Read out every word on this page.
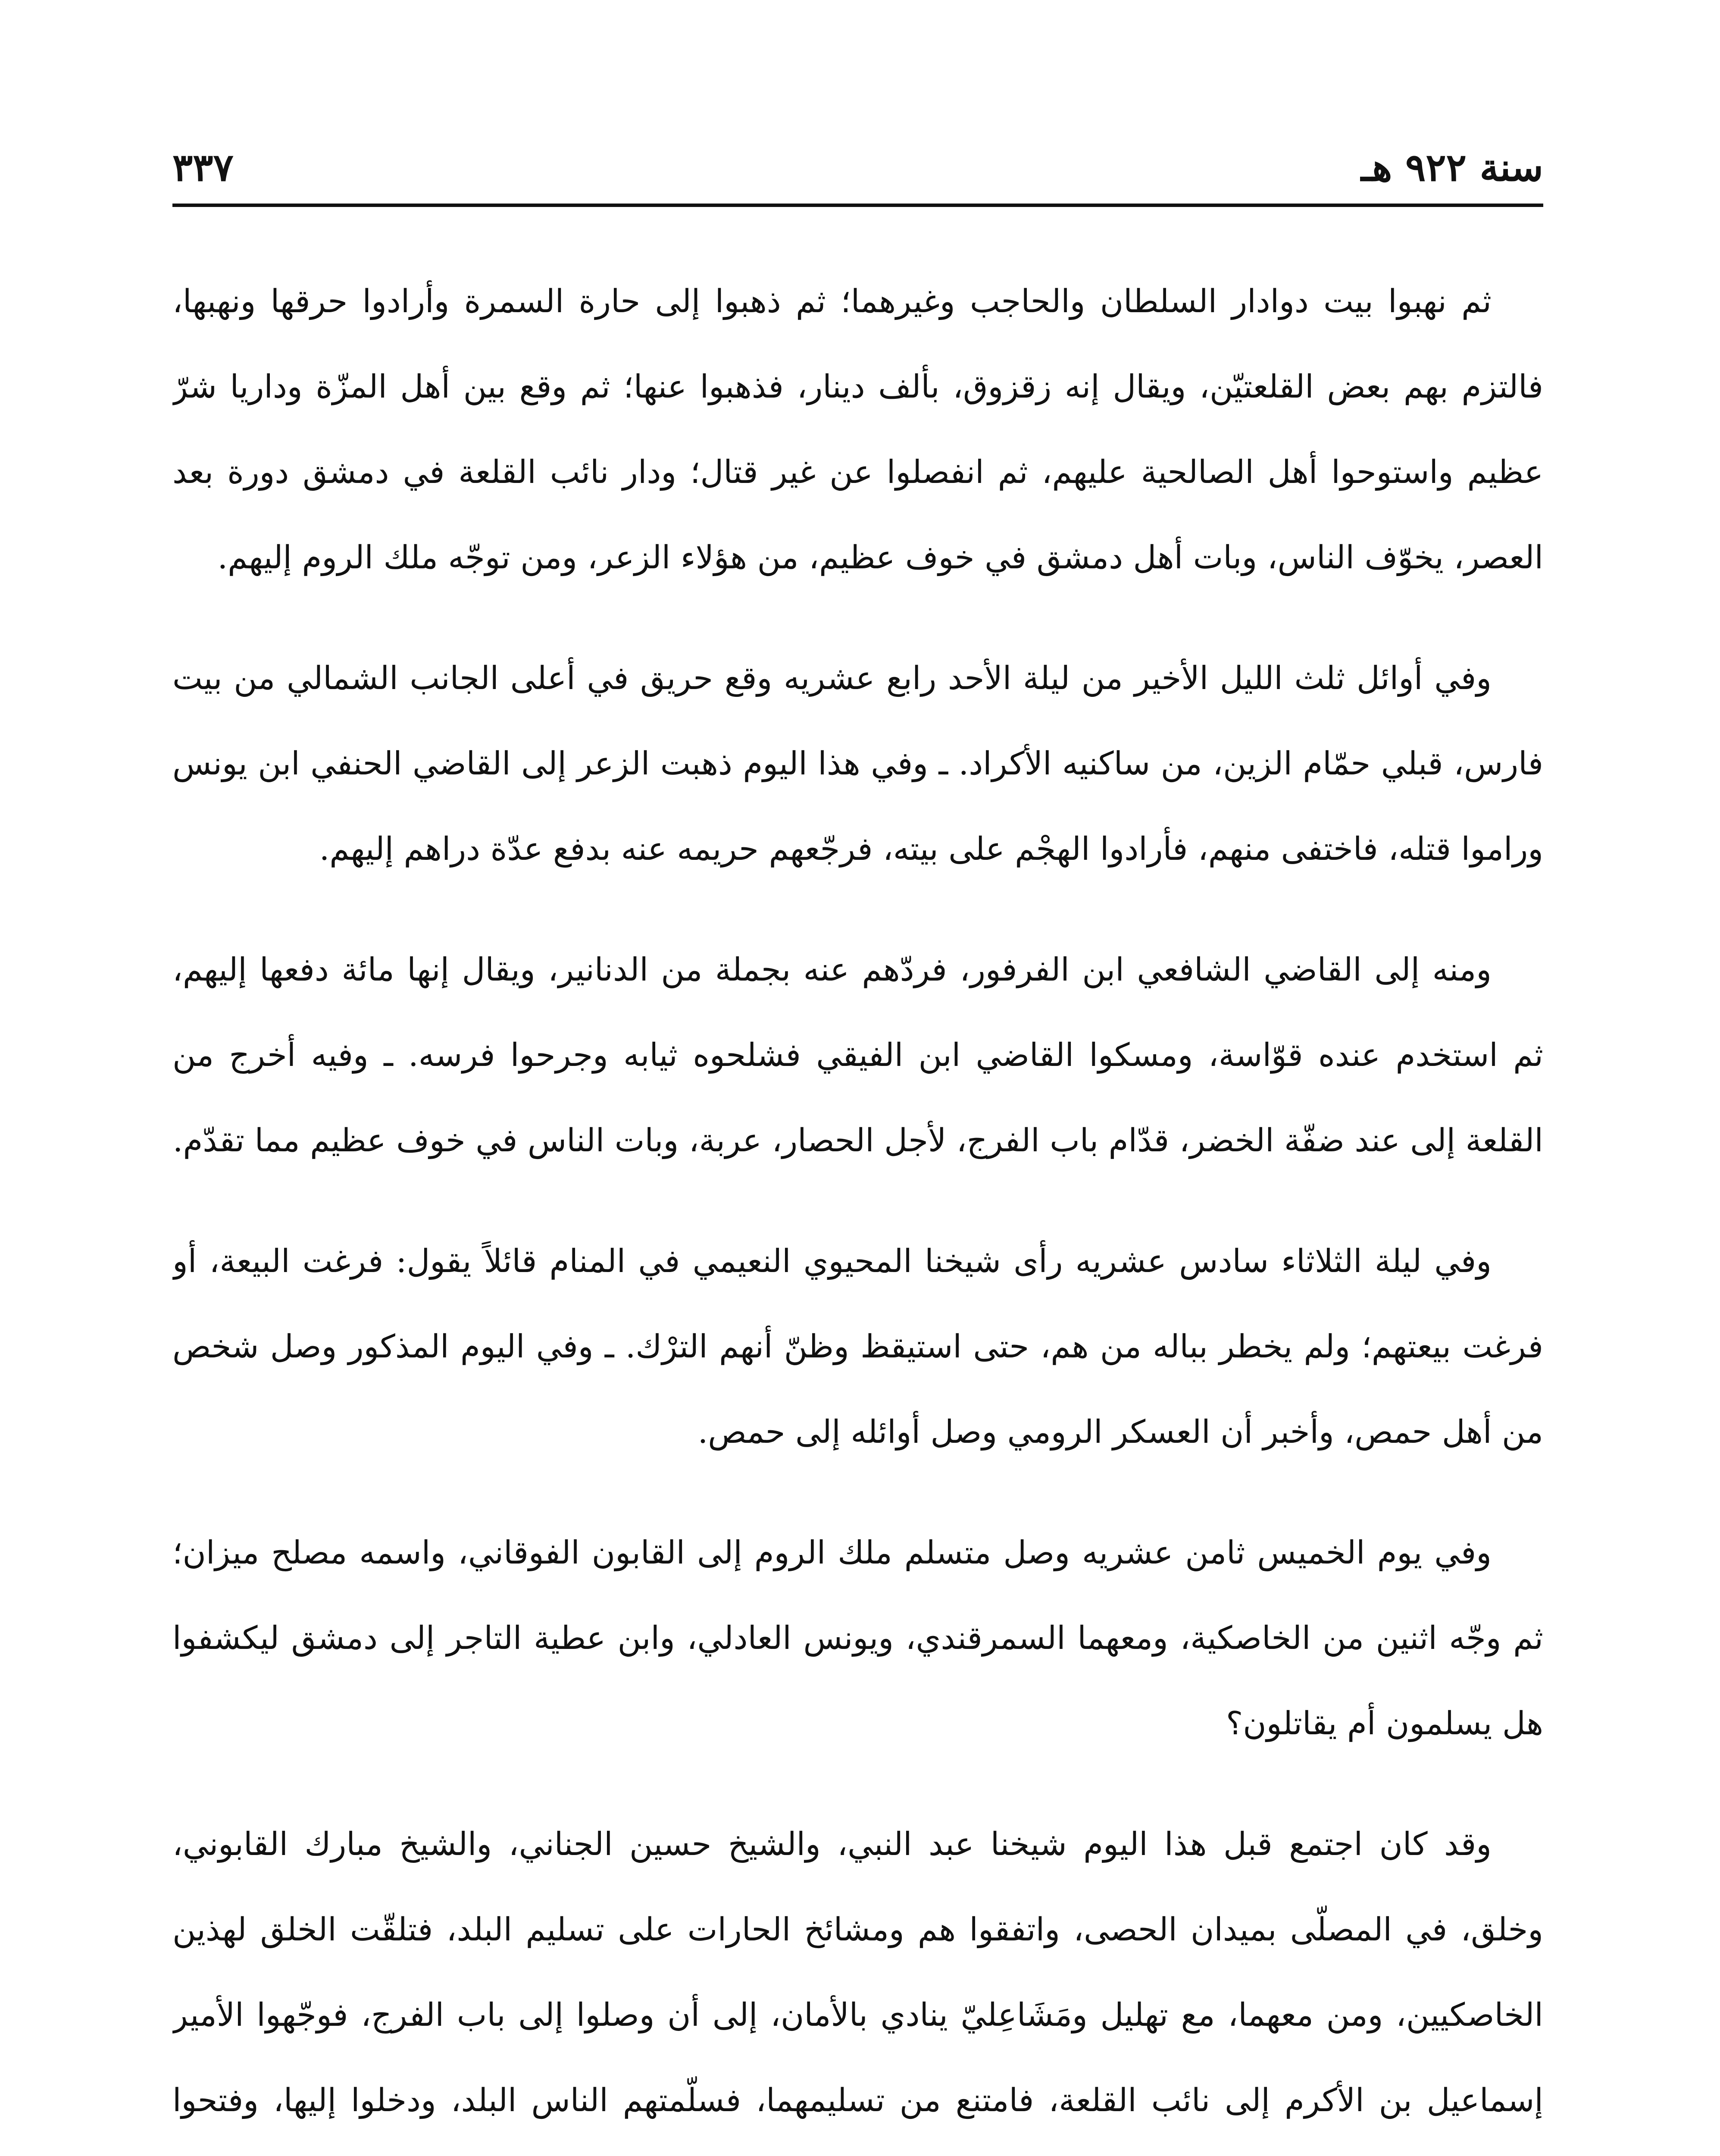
سنة ٩٢٢ هـ
٣٣٧

ثم نهبوا بيت دوادار السلطان والحاجب وغيرهما؛ ثم ذهبوا إلى حارة السمرة وأرادوا حرقها ونهبها، فالتزم بهم بعض القلعتيّن، ويقال إنه زقزوق، بألف دينار، فذهبوا عنها؛ ثم وقع بين أهل المزّة وداريا شرّ عظيم واستوحوا أهل الصالحية عليهم، ثم انفصلوا عن غير قتال؛ ودار نائب القلعة في دمشق دورة بعد العصر، يخوّف الناس، وبات أهل دمشق في خوف عظيم، من هؤلاء الزعر، ومن توجّه ملك الروم إليهم.

وفي أوائل ثلث الليل الأخير من ليلة الأحد رابع عشريه وقع حريق في أعلى الجانب الشمالي من بيت فارس، قبلي حمّام الزين، من ساكنيه الأكراد. ـ وفي هذا اليوم ذهبت الزعر إلى القاضي الحنفي ابن يونس وراموا قتله، فاختفى منهم، فأرادوا الهجْم على بيته، فرجّعهم حريمه عنه بدفع عدّة دراهم إليهم.

ومنه إلى القاضي الشافعي ابن الفرفور، فردّهم عنه بجملة من الدنانير، ويقال إنها مائة دفعها إليهم، ثم استخدم عنده قوّاسة، ومسكوا القاضي ابن الفيقي فشلحوه ثيابه وجرحوا فرسه. ـ وفيه أخرج من القلعة إلى عند ضفّة الخضر، قدّام باب الفرج، لأجل الحصار، عربة، وبات الناس في خوف عظيم مما تقدّم.

وفي ليلة الثلاثاء سادس عشريه رأى شيخنا المحيوي النعيمي في المنام قائلاً يقول: فرغت البيعة، أو فرغت بيعتهم؛ ولم يخطر بباله من هم، حتى استيقظ وظنّ أنهم الترْك. ـ وفي اليوم المذكور وصل شخص من أهل حمص، وأخبر أن العسكر الرومي وصل أوائله إلى حمص.

وفي يوم الخميس ثامن عشريه وصل متسلم ملك الروم إلى القابون الفوقاني، واسمه مصلح ميزان؛ ثم وجّه اثنين من الخاصكية، ومعهما السمرقندي، ويونس العادلي، وابن عطية التاجر إلى دمشق ليكشفوا هل يسلمون أم يقاتلون؟

وقد كان اجتمع قبل هذا اليوم شيخنا عبد النبي، والشيخ حسين الجناني، والشيخ مبارك القابوني، وخلق، في المصلّى بميدان الحصى، واتفقوا هم ومشائخ الحارات على تسليم البلد، فتلقّت الخلق لهذين الخاصكيين، ومن معهما، مع تهليل ومَشَاعِليّ ينادي بالأمان، إلى أن وصلوا إلى باب الفرج، فوجّهوا الأمير إسماعيل بن الأكرم إلى نائب القلعة، فامتنع من تسليمهما، فسلّمتهم الناس البلد، ودخلوا إليها، وفتحوا
